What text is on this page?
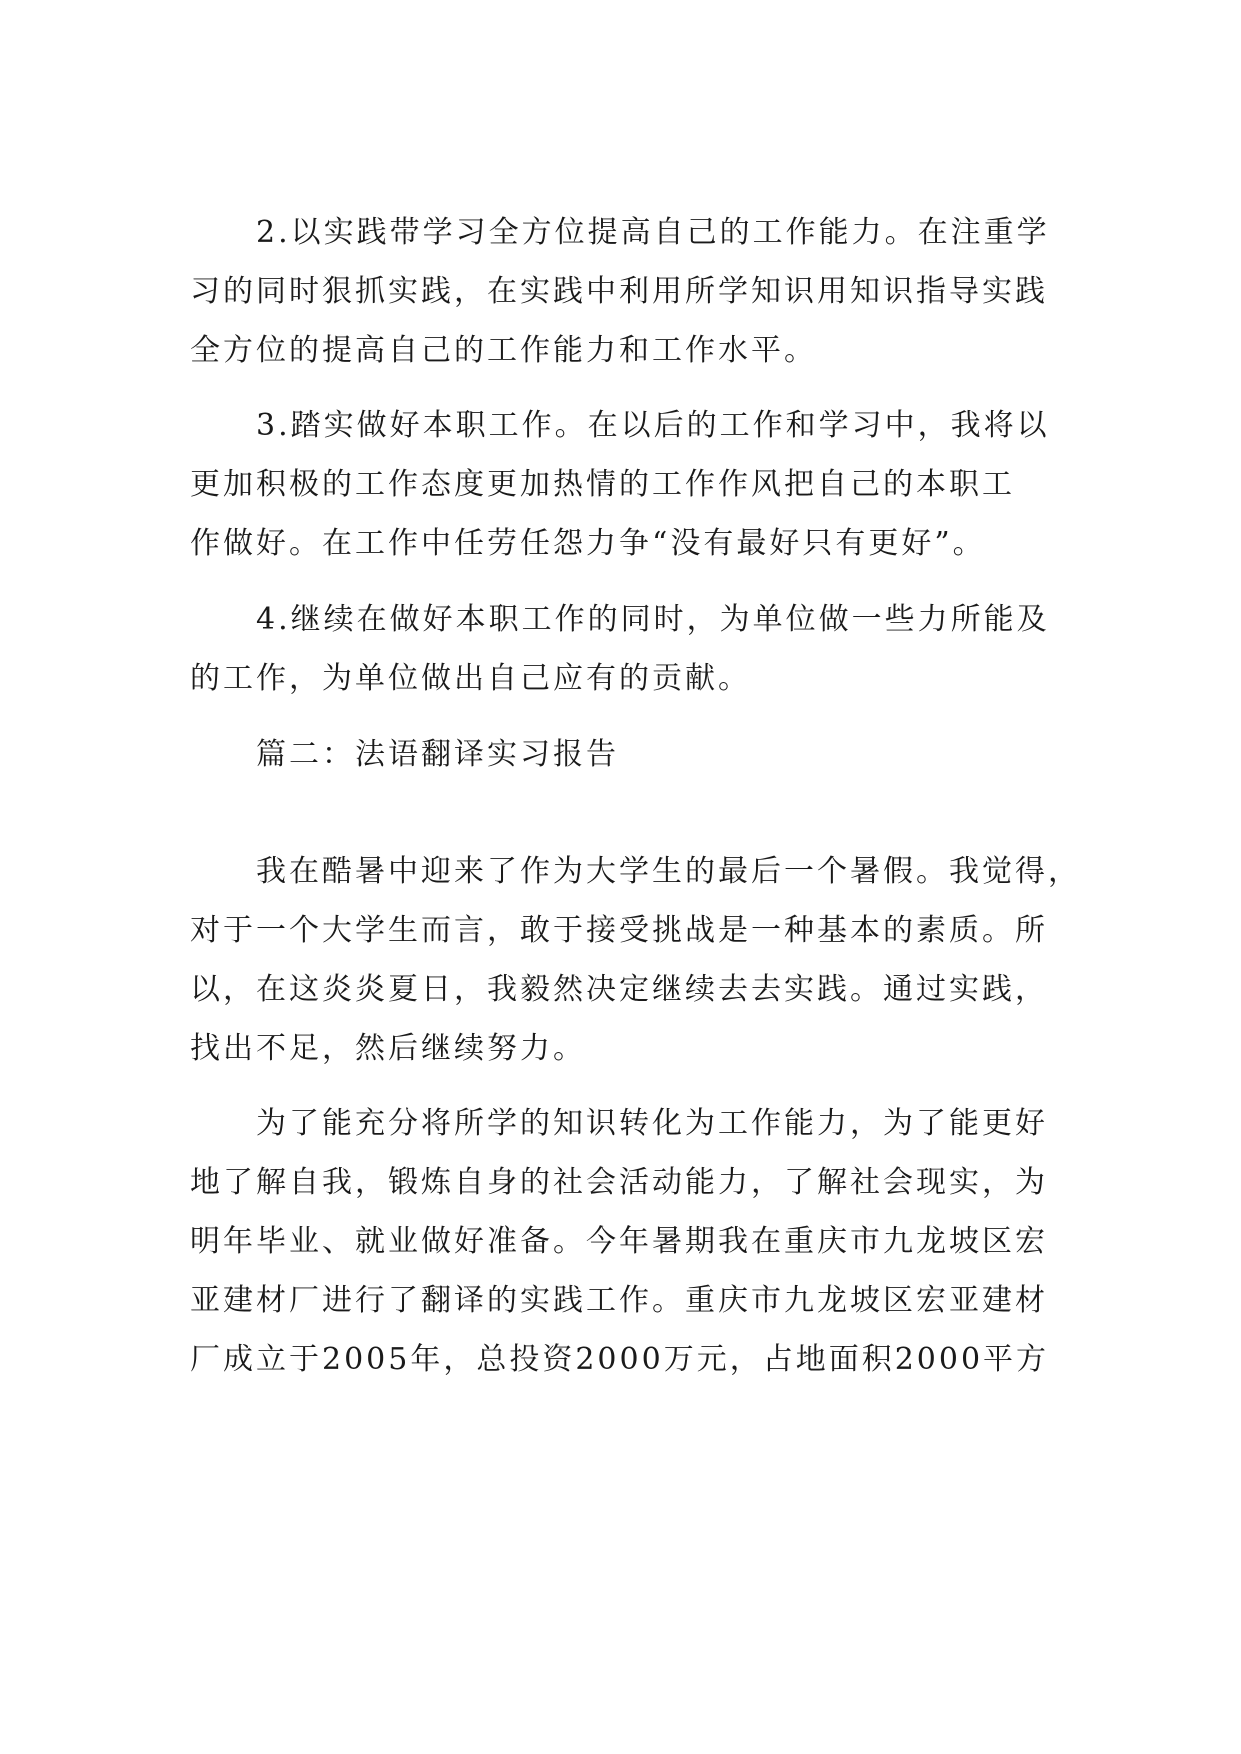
2.以实践带学习全方位提高自己的工作能力。在注重学
习的同时狠抓实践，在实践中利用所学知识用知识指导实践
全方位的提高自己的工作能力和工作水平。
3.踏实做好本职工作。在以后的工作和学习中，我将以
更加积极的工作态度更加热情的工作作风把自己的本职工
作做好。在工作中任劳任怨力争“没有最好只有更好”。
4.继续在做好本职工作的同时，为单位做一些力所能及
的工作，为单位做出自己应有的贡献。
篇二：法语翻译实习报告
我在酷暑中迎来了作为大学生的最后一个暑假。我觉得，
对于一个大学生而言，敢于接受挑战是一种基本的素质。所
以，在这炎炎夏日，我毅然决定继续去去实践。通过实践，
找出不足，然后继续努力。
为了能充分将所学的知识转化为工作能力，为了能更好
地了解自我，锻炼自身的社会活动能力，了解社会现实，为
明年毕业、就业做好准备。今年暑期我在重庆市九龙坡区宏
亚建材厂进行了翻译的实践工作。重庆市九龙坡区宏亚建材
厂成立于2005年，总投资2000万元，占地面积2000平方
